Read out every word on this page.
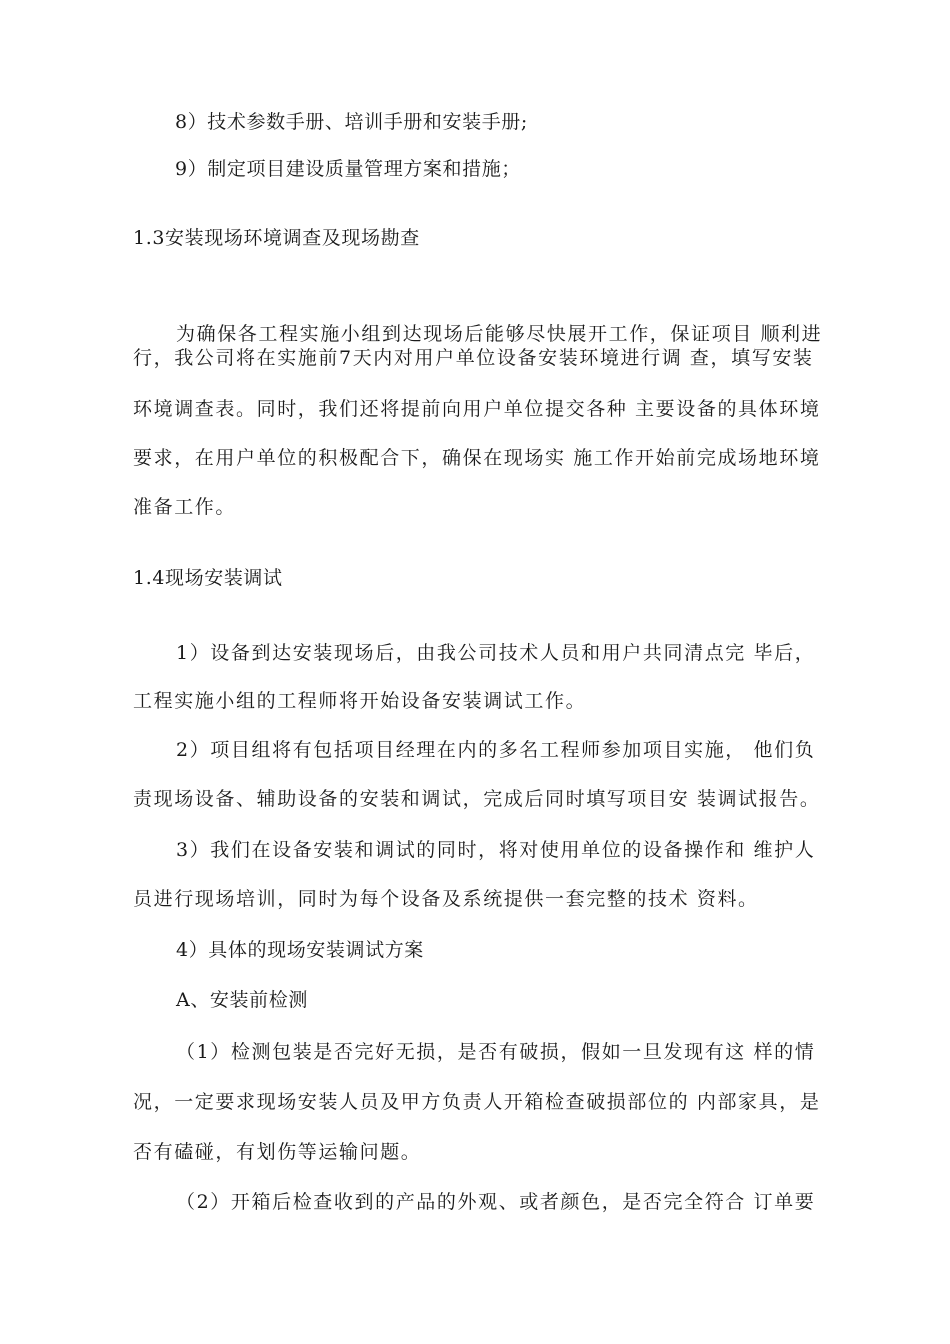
8）技术参数手册、培训手册和安装手册;
9）制定项目建设质量管理方案和措施；
1.3安装现场环境调查及现场勘查
为确保各工程实施小组到达现场后能够尽快展开工作，保证项目 顺利进
行，我公司将在实施前7天内对用户单位设备安装环境进行调 查，填写安装
环境调查表。同时，我们还将提前向用户单位提交各种 主要设备的具体环境
要求，在用户单位的积极配合下，确保在现场实 施工作开始前完成场地环境
准备工作。
1.4现场安装调试
1）设备到达安装现场后，由我公司技术人员和用户共同清点完 毕后，
工程实施小组的工程师将开始设备安装调试工作。
2）项目组将有包括项目经理在内的多名工程师参加项目实施， 他们负
责现场设备、辅助设备的安装和调试，完成后同时填写项目安 装调试报告。
3）我们在设备安装和调试的同时，将对使用单位的设备操作和 维护人
员进行现场培训，同时为每个设备及系统提供一套完整的技术 资料。
4）具体的现场安装调试方案
A、安装前检测
（1）检测包装是否完好无损，是否有破损，假如一旦发现有这 样的情
况，一定要求现场安装人员及甲方负责人开箱检查破损部位的 内部家具，是
否有磕碰，有划伤等运输问题。
（2）开箱后检查收到的产品的外观、或者颜色，是否完全符合 订单要
